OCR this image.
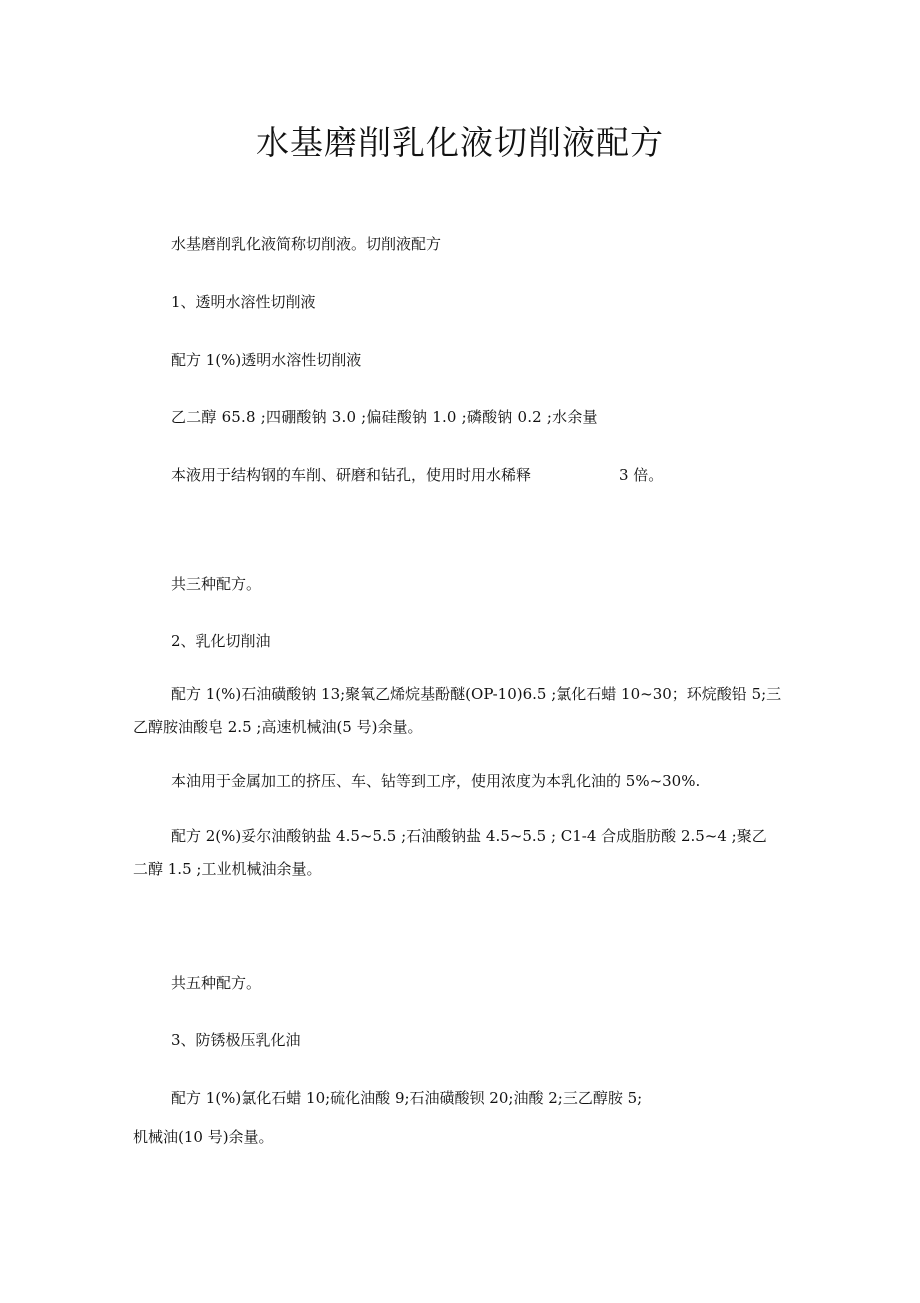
水基磨削乳化液切削液配方

水基磨削乳化液简称切削液。切削液配方

1、透明水溶性切削液

配方 1(%)透明水溶性切削液

乙二醇 65.8 ;四硼酸钠 3.0 ;偏硅酸钠 1.0 ;磷酸钠 0.2 ;水余量

本液用于结构钢的车削、研磨和钻孔，使用时用水稀释	3 倍。

共三种配方。

2、乳化切削油

配方 1(%)石油磺酸钠 13;聚氧乙烯烷基酚醚(OP-10)6.5 ;氯化石蜡 10~30；环烷酸铅 5;三

乙醇胺油酸皂 2.5 ;高速机械油(5 号)余量。

本油用于金属加工的挤压、车、钻等到工序，使用浓度为本乳化油的 5%~30%.

配方 2(%)妥尔油酸钠盐 4.5~5.5 ;石油酸钠盐 4.5~5.5 ; C1-4 合成脂肪酸 2.5~4 ;聚乙

二醇 1.5 ;工业机械油余量。

共五种配方。

3、防锈极压乳化油

配方 1(%)氯化石蜡 10;硫化油酸 9;石油磺酸钡 20;油酸 2;三乙醇胺 5;

机械油(10 号)余量。
